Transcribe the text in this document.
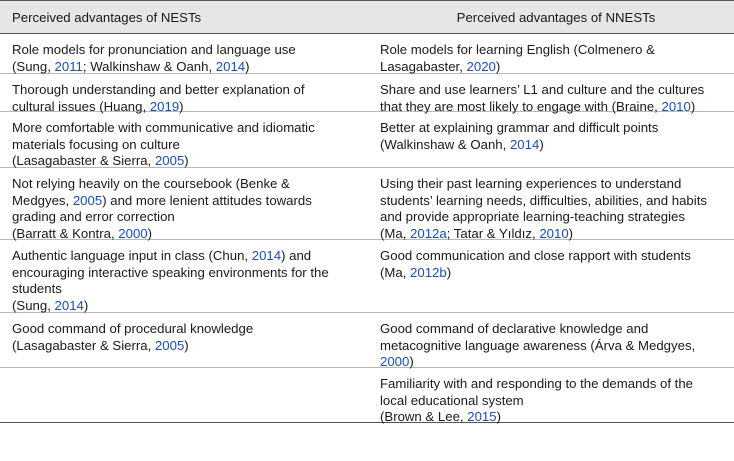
Perceived advantages of NESTs	Perceived advantages of NNESTs
Role models for pronunciation and language use
(Sung, 2011; Walkinshaw & Oanh, 2014)
Role models for learning English (Colmenero &
Lasagabaster, 2020)
Thorough understanding and better explanation of
cultural issues (Huang, 2019)
Share and use learners’ L1 and culture and the cultures
that they are most likely to engage with (Braine, 2010)
More comfortable with communicative and idiomatic
materials focusing on culture
(Lasagabaster & Sierra, 2005)
Better at explaining grammar and difficult points
(Walkinshaw & Oanh, 2014)
Not relying heavily on the coursebook (Benke &
Medgyes, 2005) and more lenient attitudes towards
grading and error correction
(Barratt & Kontra, 2000)
Using their past learning experiences to understand
students’ learning needs, difficulties, abilities, and habits
and provide appropriate learning-teaching strategies
(Ma, 2012a; Tatar & Yıldız, 2010)
Authentic language input in class (Chun, 2014) and
encouraging interactive speaking environments for the
students
(Sung, 2014)
Good communication and close rapport with students
(Ma, 2012b)
Good command of procedural knowledge
(Lasagabaster & Sierra, 2005)
Good command of declarative knowledge and
metacognitive language awareness (Árva & Medgyes,
2000)
Familiarity with and responding to the demands of the
local educational system
(Brown & Lee, 2015)
